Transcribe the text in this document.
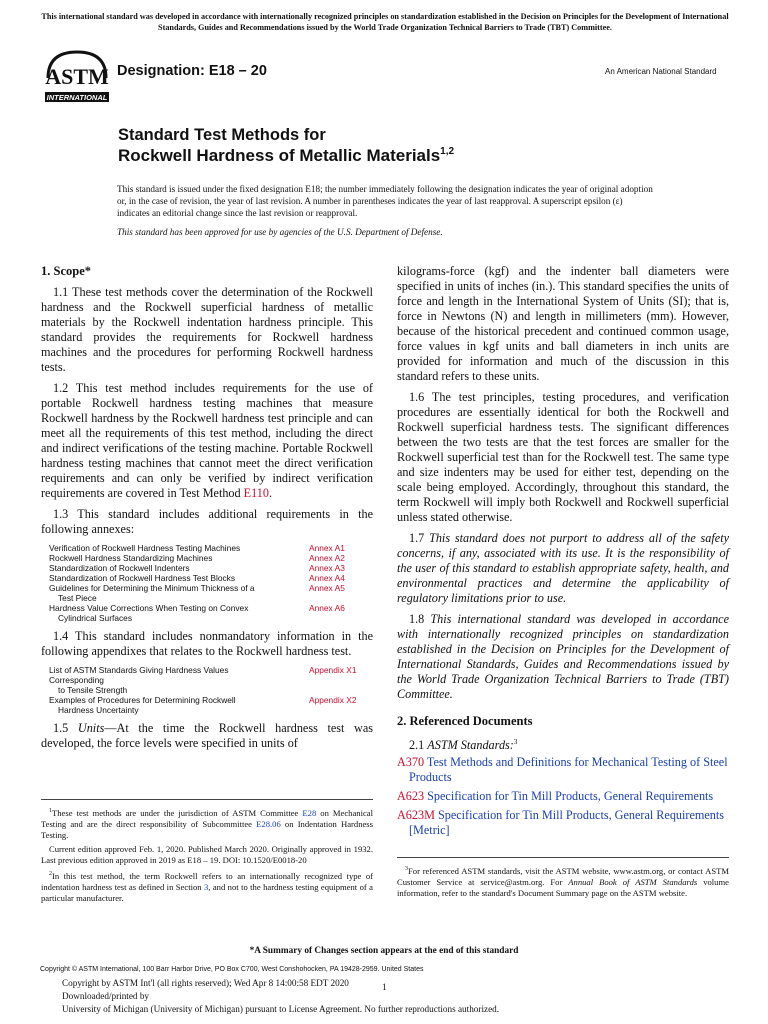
This international standard was developed in accordance with internationally recognized principles on standardization established in the Decision on Principles for the Development of International Standards, Guides and Recommendations issued by the World Trade Organization Technical Barriers to Trade (TBT) Committee.
ASTM
INTERNATIONAL
Designation: E18 – 20	An American National Standard
Standard Test Methods for
Rockwell Hardness of Metallic Materials$^{1,2}$
This standard is issued under the fixed designation E18; the number immediately following the designation indicates the year of original adoption or, in the case of revision, the year of last revision. A number in parentheses indicates the year of last reapproval. A superscript epsilon (ε) indicates an editorial change since the last revision or reapproval.
This standard has been approved for use by agencies of the U.S. Department of Defense.
1. Scope*

1.1 These test methods cover the determination of the Rockwell hardness and the Rockwell superficial hardness of metallic materials by the Rockwell indentation hardness principle. This standard provides the requirements for Rockwell hardness machines and the procedures for performing Rockwell hardness tests.

1.2 This test method includes requirements for the use of portable Rockwell hardness testing machines that measure Rockwell hardness by the Rockwell hardness test principle and can meet all the requirements of this test method, including the direct and indirect verifications of the testing machine. Portable Rockwell hardness testing machines that cannot meet the direct verification requirements and can only be verified by indirect verification requirements are covered in Test Method E110.

1.3 This standard includes additional requirements in the following annexes:

Verification of Rockwell Hardness Testing Machines	Annex A1
Rockwell Hardness Standardizing Machines	Annex A2
Standardization of Rockwell Indenters	Annex A3
Standardization of Rockwell Hardness Test Blocks	Annex A4
Guidelines for Determining the Minimum Thickness of a	Annex A5
Test Piece
Hardness Value Corrections When Testing on Convex	Annex A6
Cylindrical Surfaces

1.4 This standard includes nonmandatory information in the following appendixes that relates to the Rockwell hardness test.

List of ASTM Standards Giving Hardness Values	Appendix X1
Corresponding
to Tensile Strength
Examples of Procedures for Determining Rockwell	Appendix X2
Hardness Uncertainty

1.5 Units—At the time the Rockwell hardness test was developed, the force levels were specified in units of

kilograms-force (kgf) and the indenter ball diameters were specified in units of inches (in.). This standard specifies the units of force and length in the International System of Units (SI); that is, force in Newtons (N) and length in millimeters (mm). However, because of the historical precedent and continued common usage, force values in kgf units and ball diameters in inch units are provided for information and much of the discussion in this standard refers to these units.

1.6 The test principles, testing procedures, and verification procedures are essentially identical for both the Rockwell and Rockwell superficial hardness tests. The significant differences between the two tests are that the test forces are smaller for the Rockwell superficial test than for the Rockwell test. The same type and size indenters may be used for either test, depending on the scale being employed. Accordingly, throughout this standard, the term Rockwell will imply both Rockwell and Rockwell superficial unless stated otherwise.

1.7 This standard does not purport to address all of the safety concerns, if any, associated with its use. It is the responsibility of the user of this standard to establish appropriate safety, health, and environmental practices and determine the applicability of regulatory limitations prior to use.

1.8 This international standard was developed in accordance with internationally recognized principles on standardization established in the Decision on Principles for the Development of International Standards, Guides and Recommendations issued by the World Trade Organization Technical Barriers to Trade (TBT) Committee.

2. Referenced Documents

2.1 ASTM Standards:$^3$

A370 Test Methods and Definitions for Mechanical Testing of Steel Products
A623 Specification for Tin Mill Products, General Requirements
A623M Specification for Tin Mill Products, General Requirements [Metric]

$^1$These test methods are under the jurisdiction of ASTM Committee E28 on Mechanical Testing and are the direct responsibility of Subcommittee E28.06 on Indentation Hardness Testing.

Current edition approved Feb. 1, 2020. Published March 2020. Originally approved in 1932. Last previous edition approved in 2019 as E18 – 19. DOI: 10.1520/E0018-20

$^2$In this test method, the term Rockwell refers to an internationally recognized type of indentation hardness test as defined in Section 3, and not to the hardness testing equipment of a particular manufacturer.

$^3$For referenced ASTM standards, visit the ASTM website, www.astm.org, or contact ASTM Customer Service at service@astm.org. For Annual Book of ASTM Standards volume information, refer to the standard's Document Summary page on the ASTM website.

*A Summary of Changes section appears at the end of this standard
Copyright © ASTM International, 100 Barr Harbor Drive, PO Box C700, West Conshohocken, PA 19428-2959. United States
Copyright by ASTM Int'l (all rights reserved); Wed Apr 8 14:00:58 EDT 2020	1
Downloaded/printed by
University of Michigan (University of Michigan) pursuant to License Agreement. No further reproductions authorized.
